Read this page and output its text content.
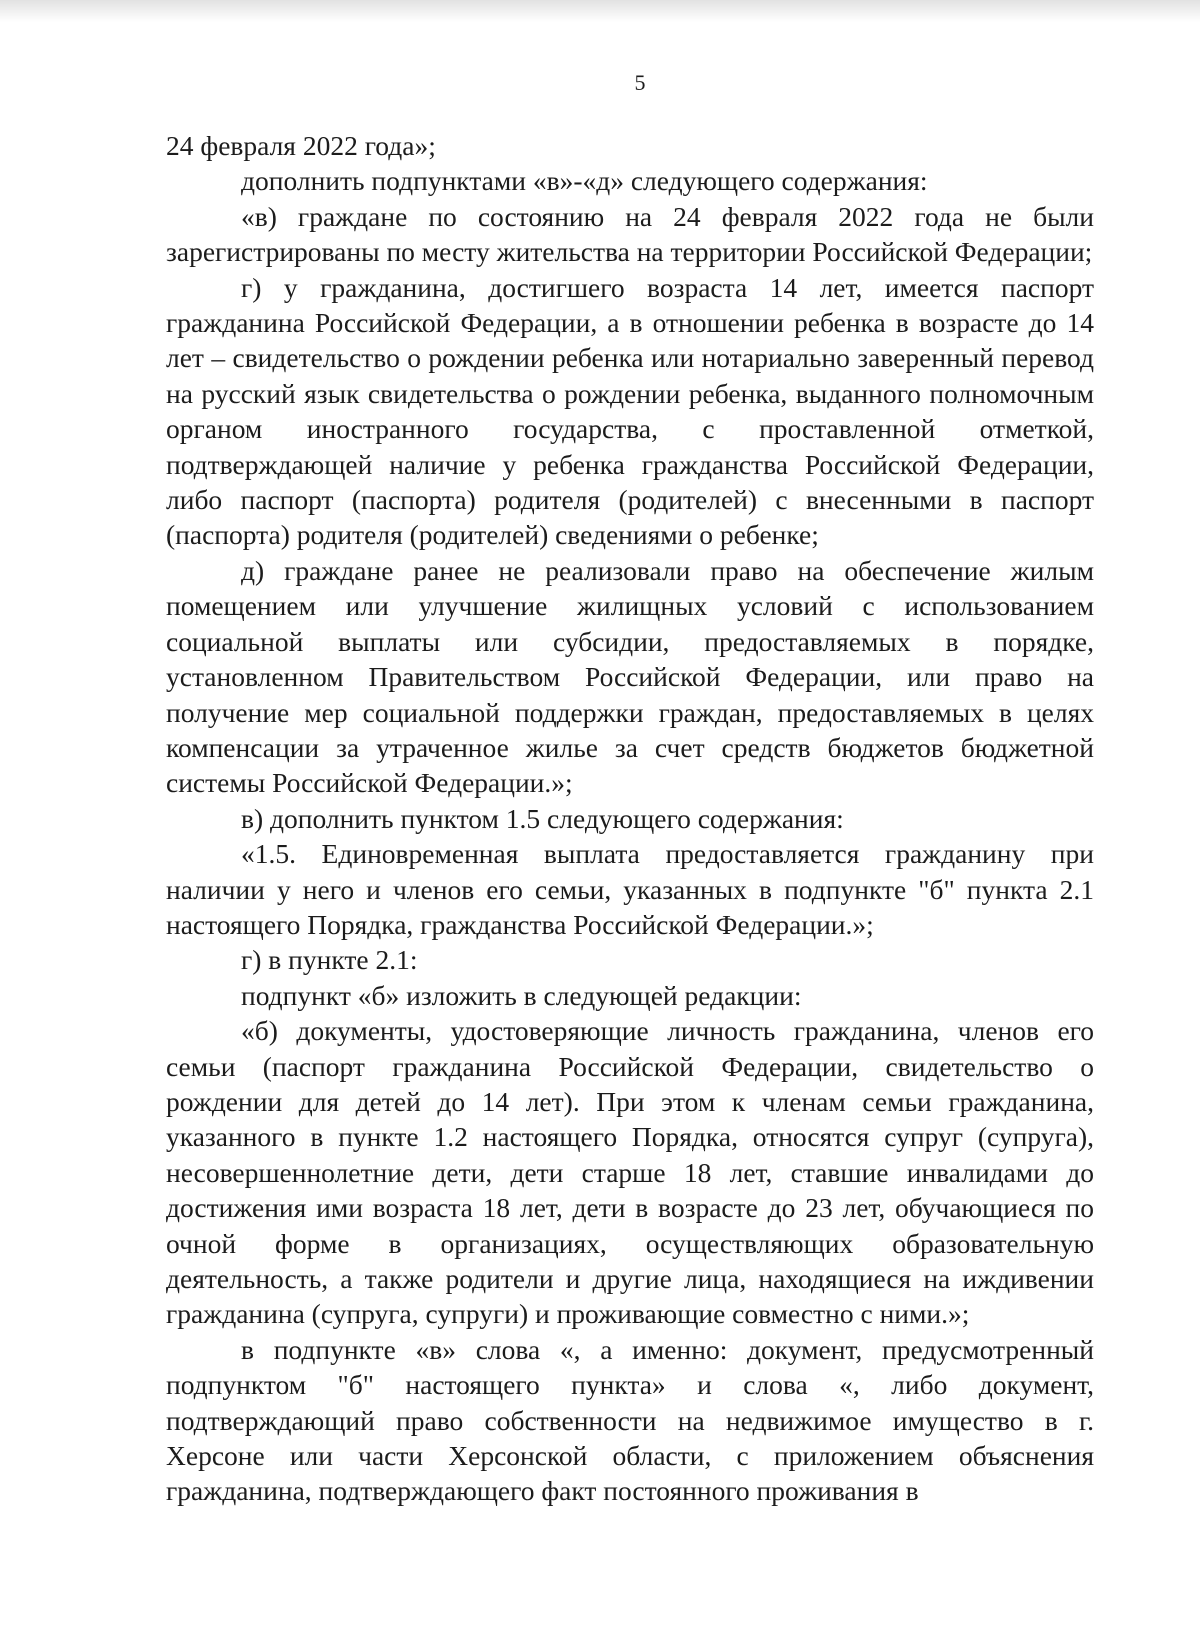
5

24 февраля 2022 года»;

дополнить подпунктами «в»-«д» следующего содержания:

«в) граждане по состоянию на 24 февраля 2022 года не были зарегистрированы по месту жительства на территории Российской Федерации;

г) у гражданина, достигшего возраста 14 лет, имеется паспорт гражданина Российской Федерации, а в отношении ребенка в возрасте до 14 лет – свидетельство о рождении ребенка или нотариально заверенный перевод на русский язык свидетельства о рождении ребенка, выданного полномочным органом иностранного государства, с проставленной отметкой, подтверждающей наличие у ребенка гражданства Российской Федерации, либо паспорт (паспорта) родителя (родителей) с внесенными в паспорт (паспорта) родителя (родителей) сведениями о ребенке;

д) граждане ранее не реализовали право на обеспечение жилым помещением или улучшение жилищных условий с использованием социальной выплаты или субсидии, предоставляемых в порядке, установленном Правительством Российской Федерации, или право на получение мер социальной поддержки граждан, предоставляемых в целях компенсации за утраченное жилье за счет средств бюджетов бюджетной системы Российской Федерации.»;

в) дополнить пунктом 1.5 следующего содержания:

«1.5. Единовременная выплата предоставляется гражданину при наличии у него и членов его семьи, указанных в подпункте "б" пункта 2.1 настоящего Порядка, гражданства Российской Федерации.»;

г) в пункте 2.1:

подпункт «б» изложить в следующей редакции:

«б) документы, удостоверяющие личность гражданина, членов его семьи (паспорт гражданина Российской Федерации, свидетельство о рождении для детей до 14 лет). При этом к членам семьи гражданина, указанного в пункте 1.2 настоящего Порядка, относятся супруг (супруга), несовершеннолетние дети, дети старше 18 лет, ставшие инвалидами до достижения ими возраста 18 лет, дети в возрасте до 23 лет, обучающиеся по очной форме в организациях, осуществляющих образовательную деятельность, а также родители и другие лица, находящиеся на иждивении гражданина (супруга, супруги) и проживающие совместно с ними.»;

в подпункте «в» слова «, а именно: документ, предусмотренный подпунктом "б" настоящего пункта» и слова «, либо документ, подтверждающий право собственности на недвижимое имущество в г. Херсоне или части Херсонской области, с приложением объяснения гражданина, подтверждающего факт постоянного проживания в
